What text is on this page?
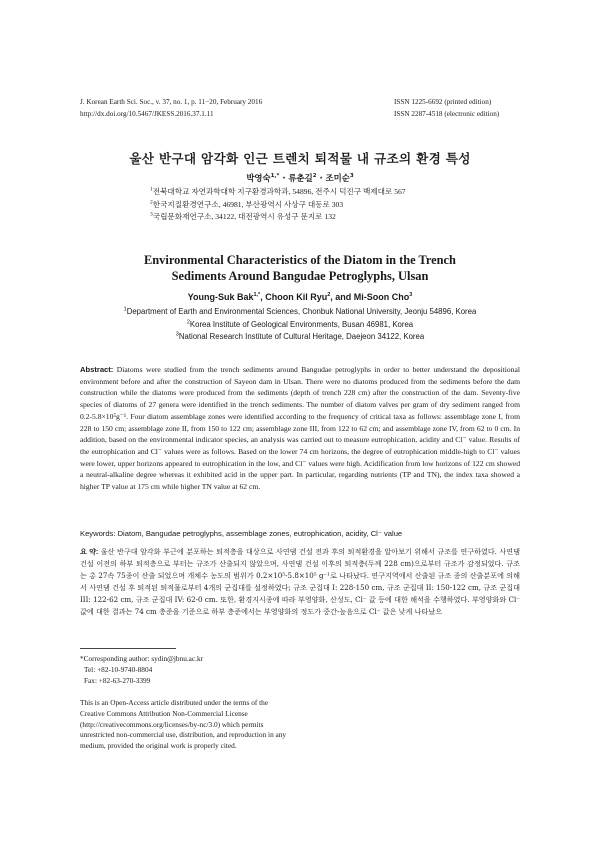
J. Korean Earth Sci. Soc., v. 37, no. 1, p. 11−20, February 2016
http://dx.doi.org/10.5467/JKESS.2016.37.1.11
ISSN 1225-6692 (printed edition)
ISSN 2287-4518 (electronic edition)
울산 반구대 암각화 인근 트렌치 퇴적물 내 규조의 환경 특성
박영숙$^{1,*}$ · 류춘길$^2$ · 조미순$^3$
$^1$전북대학교 자연과학대학 지구환경과학과, 54896, 전주시 덕진구 백제대로 567
$^2$한국지질환경연구소, 46981, 부산광역시 사상구 대동로 303
$^3$국립문화재연구소, 34122, 대전광역시 유성구 문지로 132
Environmental Characteristics of the Diatom in the Trench
Sediments Around Bangudae Petroglyphs, Ulsan
Young-Suk Bak$^{1,*}$, Choon Kil Ryu$^2$, and Mi-Soon Cho$^3$
$^1$Department of Earth and Environmental Sciences, Chonbuk National University, Jeonju 54896, Korea
$^2$Korea Institute of Geological Environments, Busan 46981, Korea
$^3$National Research Institute of Cultural Heritage, Daejeon 34122, Korea
Abstract: Diatoms were studied from the trench sediments around Bangudae petroglyphs in order to better understand the depositional environment before and after the construction of Sayeon dam in Ulsan. There were no diatoms produced from the sediments before the dam construction while the diatoms were produced from the sediments (depth of trench 228 cm) after the construction of the dam. Seventy-five species of diatoms of 27 genera were identified in the trench sediments. The number of diatom valves per gram of dry sediment ranged from 0.2-5.8×10⁵g⁻¹. Four diatom assemblage zones were identified according to the frequency of critical taxa as follows: assemblage zone I, from 228 to 150 cm; assemblage zone II, from 150 to 122 cm; assemblage zone III, from 122 to 62 cm; and assemblage zone IV, from 62 to 0 cm. In addition, based on the environmental indicator species, an analysis was carried out to measure eutrophication, acidity and Cl⁻ value. Results of the eutrophication and Cl⁻ values were as follows. Based on the lower 74 cm horizons, the degree of eutrophication middle-high to Cl⁻ values were lower, upper horizons appeared to eutrophication in the low, and Cl⁻ values were high. Acidification from low horizons of 122 cm showed a neutral-alkaline degree whereas it exhibited acid in the upper part. In particular, regarding nutrients (TP and TN), the index taxa showed a higher TP value at 175 cm while higher TN value at 62 cm.
Keywords: Diatom, Bangudae petroglyphs, assemblage zones, eutrophication, acidity, Cl⁻ value
요 약: 울산 반구대 암각화 부근에 분포하는 퇴적층을 대상으로 사연댐 건설 전과 후의 퇴적환경을 알아보기 위해서 규조를 연구하였다. 사연댐 건설 이전의 하부 퇴적층으로 부터는 규조가 산출되지 않았으며, 사연댐 건설 이후의 퇴적층(두께 228 cm)으로부터 규조가 감정되었다. 규조는 총 27속 75종이 산출 되었으며 개체수 농도의 범위가 0.2×10⁵-5.8×10⁵ g⁻¹로 나타났다. 연구지역에서 산출된 규조 종의 산출분포에 의해서 사연댐 건설 후 퇴적된 퇴적물로부터 4개의 군집대를 설정하였다; 규조 군집대 I: 228-150 cm, 규조 군집대 II: 150-122 cm, 규조 군집대 III: 122-62 cm, 규조 군집대 IV: 62-0 cm. 또한, 환경지시종에 따라 부영양화, 산성도, Cl⁻ 값 등에 대한 해석을 수행하였다. 부영양화와 Cl⁻ 값에 대한 결과는 74 cm 층준을 기준으로 하부 층준에서는 부영양화의 정도가 중간-높음으로 Cl⁻ 값은 낮게 나타났으
*Corresponding author: sydin@jbnu.ac.kr
Tel: +82-10-9740-8804
Fax: +82-63-270-3399
This is an Open-Access article distributed under the terms of the Creative Commons Attribution Non-Commercial License (http://creativecommons.org/licenses/by-nc/3.0) which permits unrestricted non-commercial use, distribution, and reproduction in any medium, provided the original work is properly cited.
